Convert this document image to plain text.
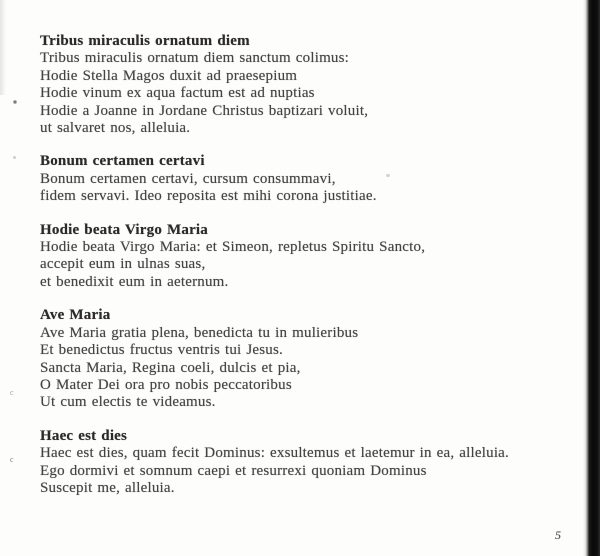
Tribus miraculis ornatum diem
Tribus miraculis ornatum diem sanctum colimus:
Hodie Stella Magos duxit ad praesepium
Hodie vinum ex aqua factum est ad nuptias
Hodie a Joanne in Jordane Christus baptizari voluit,
ut salvaret nos, alleluia.
Bonum certamen certavi
Bonum certamen certavi, cursum consummavi,
fidem servavi. Ideo reposita est mihi corona justitiae.
Hodie beata Virgo Maria
Hodie beata Virgo Maria: et Simeon, repletus Spiritu Sancto,
accepit eum in ulnas suas,
et benedixit eum in aeternum.
Ave Maria
Ave Maria gratia plena, benedicta tu in mulieribus
Et benedictus fructus ventris tui Jesus.
Sancta Maria, Regina coeli, dulcis et pia,
O Mater Dei ora pro nobis peccatoribus
Ut cum electis te videamus.
Haec est dies
Haec est dies, quam fecit Dominus: exsultemus et laetemur in ea, alleluia.
Ego dormivi et somnum caepi et resurrexi quoniam Dominus
Suscepit me, alleluia.
c
c
5
